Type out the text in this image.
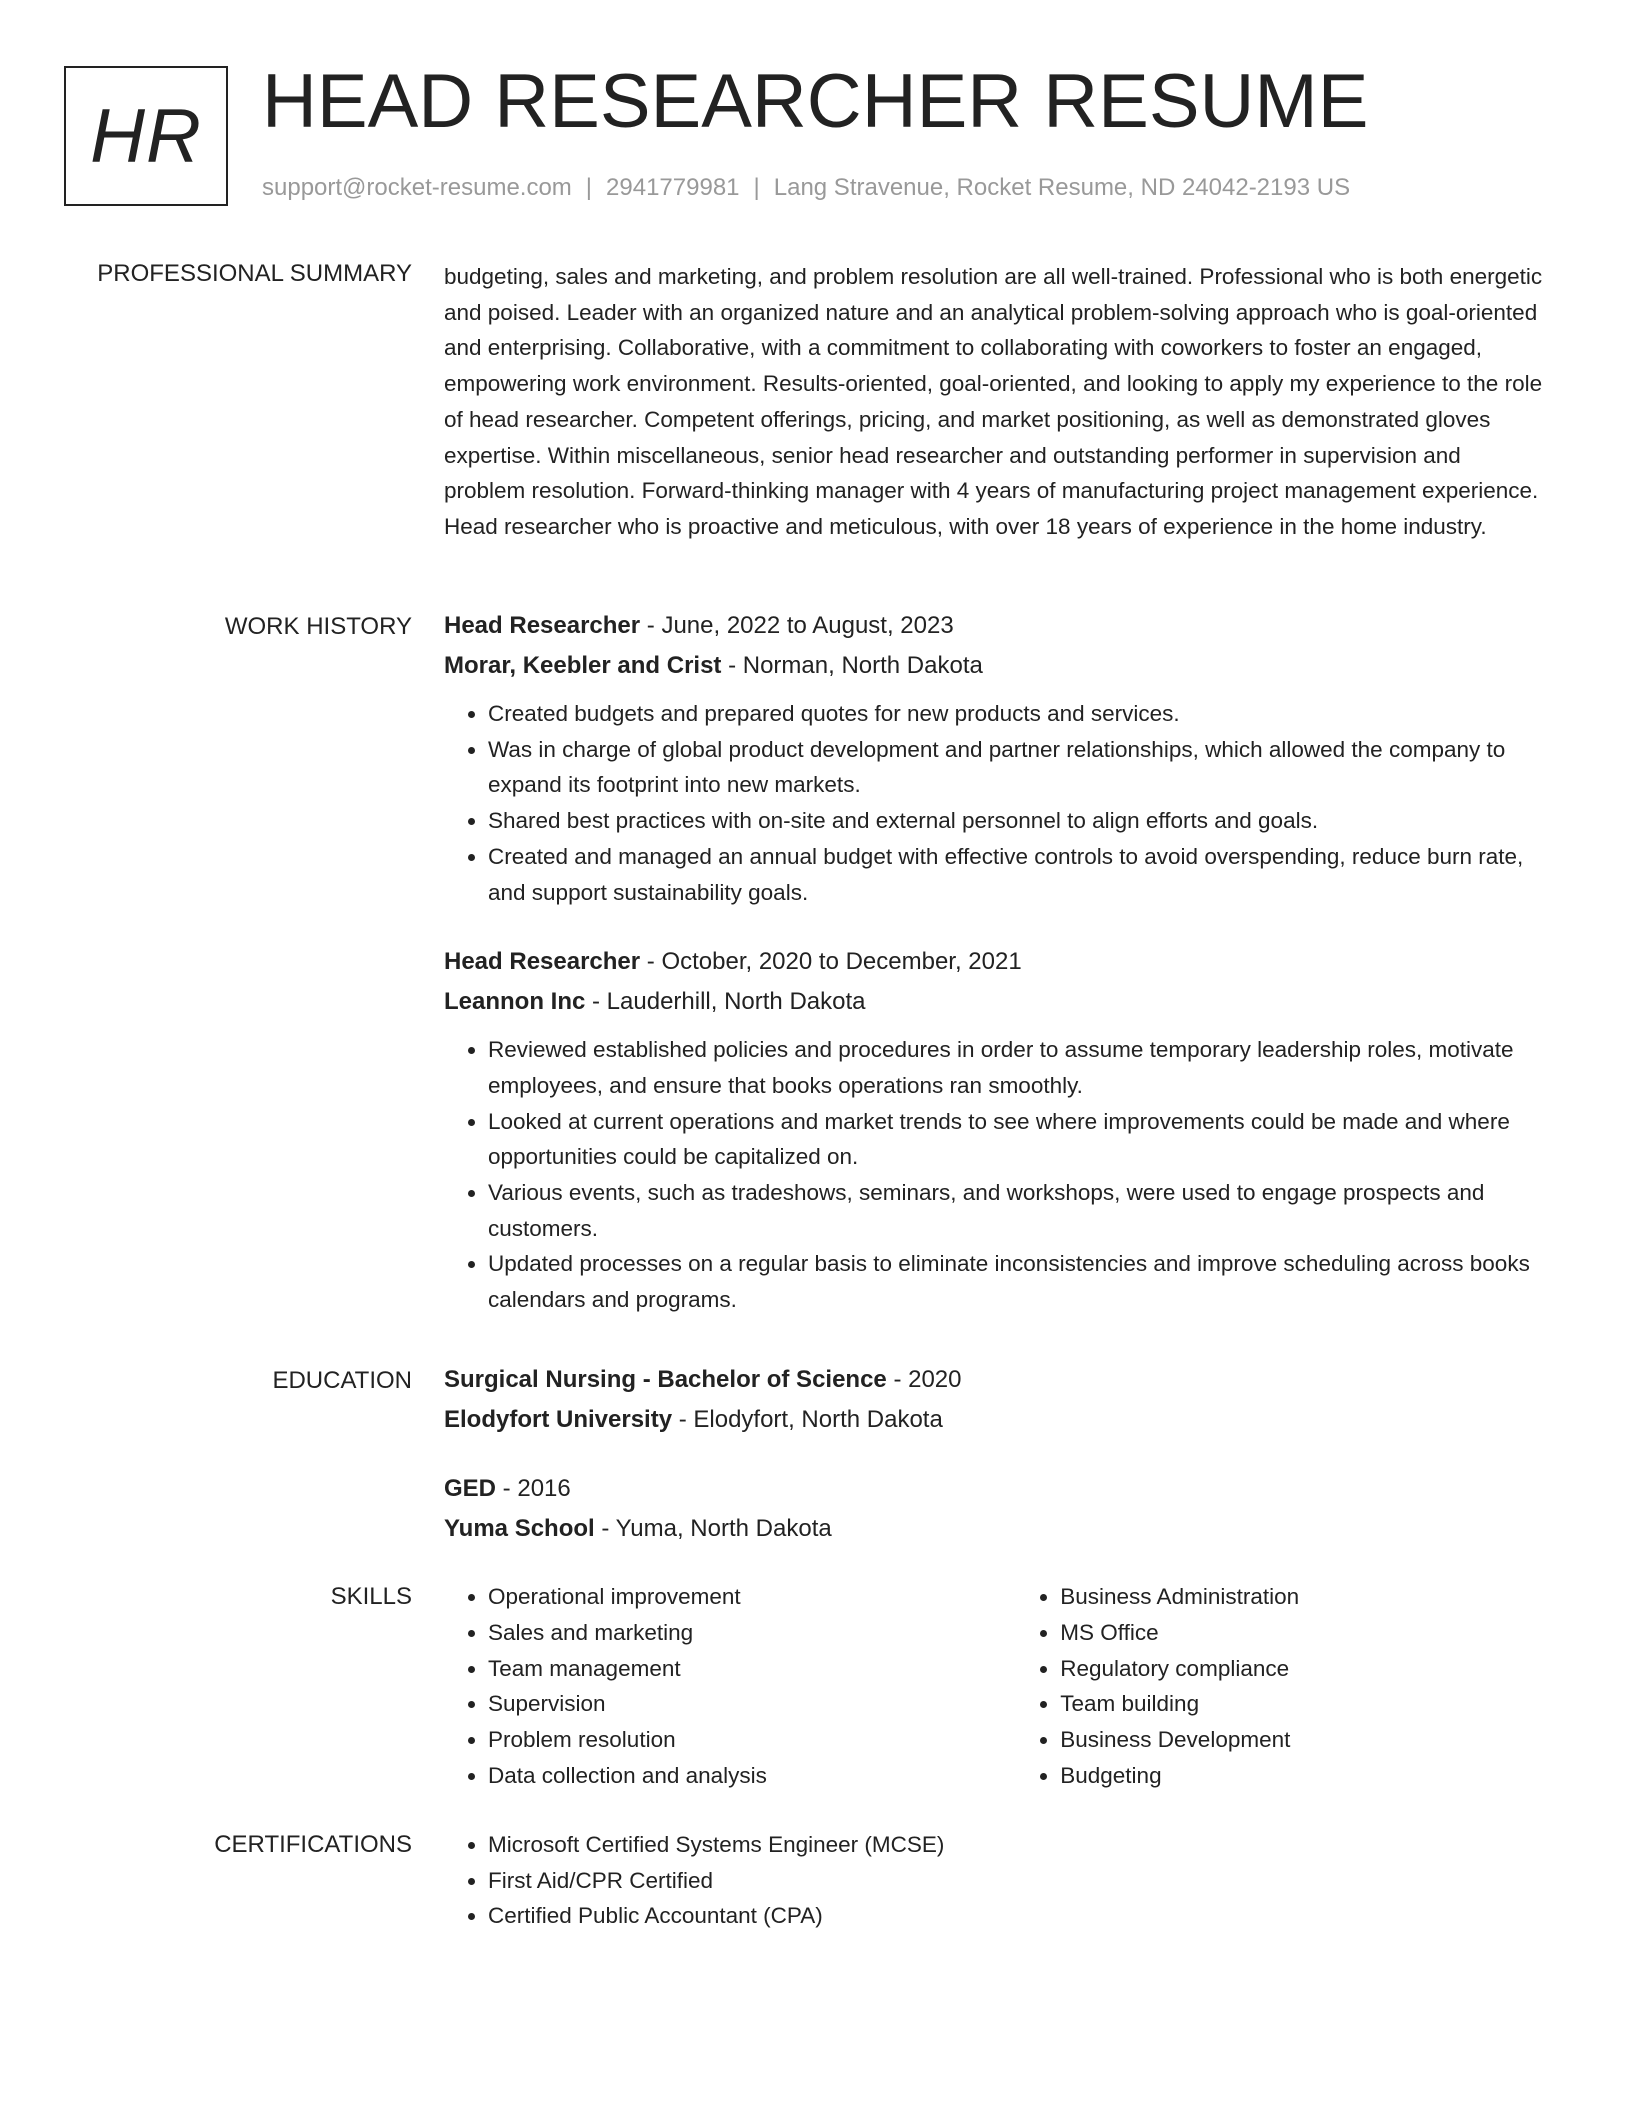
HR HEAD RESEARCHER RESUME
support@rocket-resume.com | 2941779981 | Lang Stravenue, Rocket Resume, ND 24042-2193 US
PROFESSIONAL SUMMARY budgeting, sales and marketing, and problem resolution are all well-trained. Professional who is both energetic and poised. Leader with an organized nature and an analytical problem-solving approach who is goal-oriented and enterprising. Collaborative, with a commitment to collaborating with coworkers to foster an engaged, empowering work environment. Results-oriented, goal-oriented, and looking to apply my experience to the role of head researcher. Competent offerings, pricing, and market positioning, as well as demonstrated gloves expertise. Within miscellaneous, senior head researcher and outstanding performer in supervision and problem resolution. Forward-thinking manager with 4 years of manufacturing project management experience. Head researcher who is proactive and meticulous, with over 18 years of experience in the home industry.

WORK HISTORY Head Researcher - June, 2022 to August, 2023
Morar, Keebler and Crist - Norman, North Dakota
• Created budgets and prepared quotes for new products and services.
• Was in charge of global product development and partner relationships, which allowed the company to expand its footprint into new markets.
• Shared best practices with on-site and external personnel to align efforts and goals.
• Created and managed an annual budget with effective controls to avoid overspending, reduce burn rate, and support sustainability goals.
Head Researcher - October, 2020 to December, 2021
Leannon Inc - Lauderhill, North Dakota
• Reviewed established policies and procedures in order to assume temporary leadership roles, motivate employees, and ensure that books operations ran smoothly.
• Looked at current operations and market trends to see where improvements could be made and where opportunities could be capitalized on.
• Various events, such as tradeshows, seminars, and workshops, were used to engage prospects and customers.
• Updated processes on a regular basis to eliminate inconsistencies and improve scheduling across books calendars and programs.
EDUCATION Surgical Nursing - Bachelor of Science - 2020
Elodyfort University - Elodyfort, North Dakota
GED - 2016
Yuma School - Yuma, North Dakota
SKILLS	• Operational improvement
• Sales and marketing
• Team management
• Supervision
• Problem resolution
• Data collection and analysis
• Business Administration
• MS Office
• Regulatory compliance
• Team building
• Business Development
• Budgeting
CERTIFICATIONS	• Microsoft Certified Systems Engineer (MCSE)
• First Aid/CPR Certified
• Certified Public Accountant (CPA)
